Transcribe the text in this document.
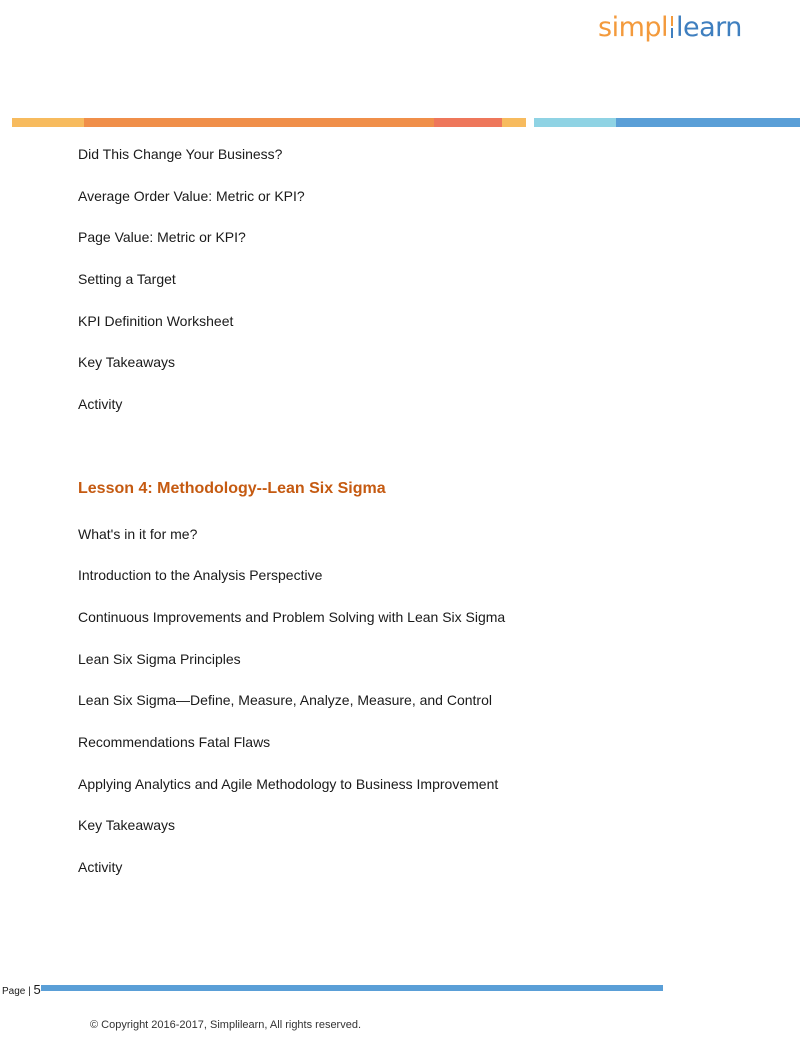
simpl learn
Did This Change Your Business?
Average Order Value: Metric or KPI?
Page Value: Metric or KPI?
Setting a Target
KPI Definition Worksheet
Key Takeaways
Activity
Lesson 4: Methodology--Lean Six Sigma
What's in it for me?
Introduction to the Analysis Perspective
Continuous Improvements and Problem Solving with Lean Six Sigma
Lean Six Sigma Principles
Lean Six Sigma—Define, Measure, Analyze, Measure, and Control
Recommendations Fatal Flaws
Applying Analytics and Agile Methodology to Business Improvement
Key Takeaways
Activity
Page | 5
© Copyright 2016-2017, Simplilearn, All rights reserved.
